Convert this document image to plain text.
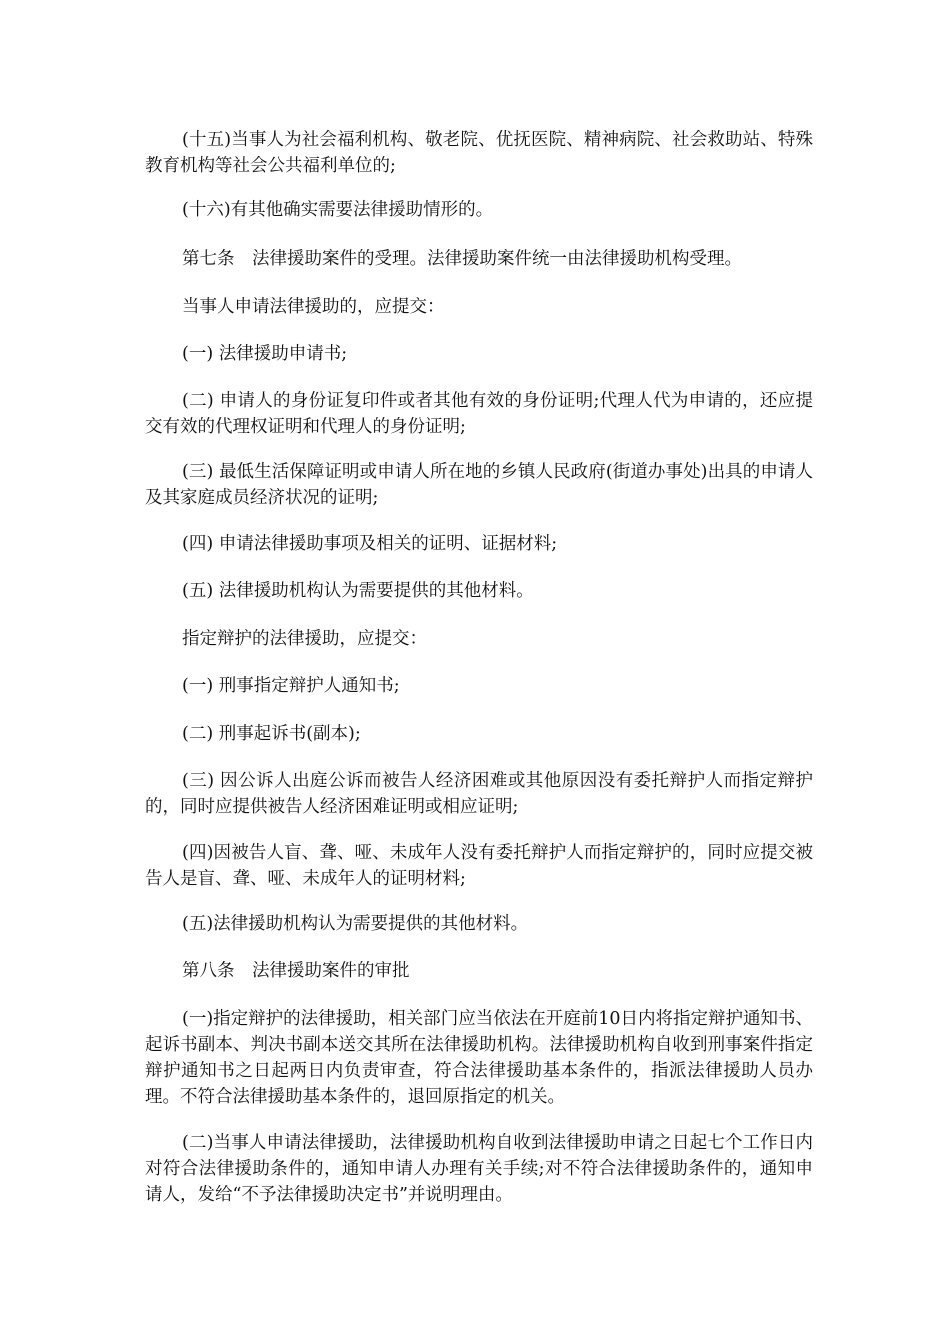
(十五)当事人为社会福利机构、敬老院、优抚医院、精神病院、社会救助站、特殊教育机构等社会公共福利单位的;

(十六)有其他确实需要法律援助情形的。

第七条　法律援助案件的受理。法律援助案件统一由法律援助机构受理。

当事人申请法律援助的，应提交：

(一) 法律援助申请书;

(二) 申请人的身份证复印件或者其他有效的身份证明;代理人代为申请的，还应提交有效的代理权证明和代理人的身份证明;

(三) 最低生活保障证明或申请人所在地的乡镇人民政府(街道办事处)出具的申请人及其家庭成员经济状况的证明;

(四) 申请法律援助事项及相关的证明、证据材料;

(五) 法律援助机构认为需要提供的其他材料。

指定辩护的法律援助，应提交：

(一) 刑事指定辩护人通知书;

(二) 刑事起诉书(副本);

(三) 因公诉人出庭公诉而被告人经济困难或其他原因没有委托辩护人而指定辩护的，同时应提供被告人经济困难证明或相应证明;

(四)因被告人盲、聋、哑、未成年人没有委托辩护人而指定辩护的，同时应提交被告人是盲、聋、哑、未成年人的证明材料;

(五)法律援助机构认为需要提供的其他材料。

第八条　法律援助案件的审批

(一)指定辩护的法律援助，相关部门应当依法在开庭前10日内将指定辩护通知书、起诉书副本、判决书副本送交其所在法律援助机构。法律援助机构自收到刑事案件指定辩护通知书之日起两日内负责审查，符合法律援助基本条件的，指派法律援助人员办理。不符合法律援助基本条件的，退回原指定的机关。

(二)当事人申请法律援助，法律援助机构自收到法律援助申请之日起七个工作日内对符合法律援助条件的，通知申请人办理有关手续;对不符合法律援助条件的，通知申请人，发给“不予法律援助决定书”并说明理由。
